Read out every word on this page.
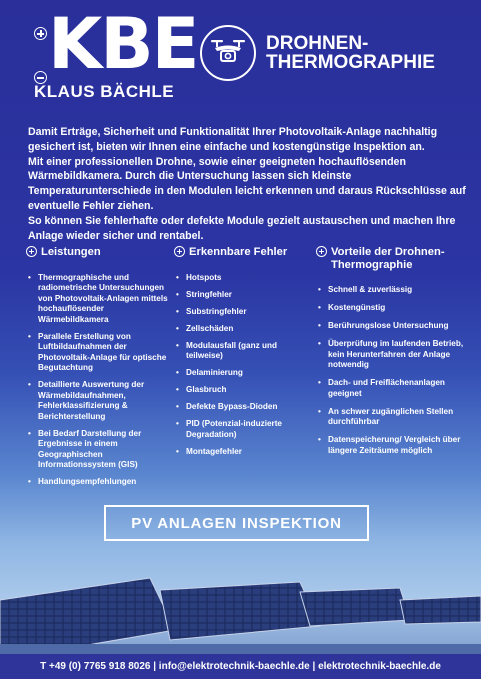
KBE
KLAUS BÄCHLE
DROHNEN-
THERMOGRAPHIE

Damit Erträge, Sicherheit und Funktionalität Ihrer Photovoltaik-Anlage nachhaltig gesichert ist, bieten wir Ihnen eine einfache und kostengünstige Inspektion an.

Mit einer professionellen Drohne, sowie einer geeigneten hochauflösenden Wärmebildkamera. Durch die Untersuchung lassen sich kleinste Temperaturunterschiede in den Modulen leicht erkennen und daraus Rückschlüsse auf eventuelle Fehler ziehen.

So können Sie fehlerhafte oder defekte Module gezielt austauschen und machen Ihre Anlage wieder sicher und rentabel.

Leistungen
• Thermographische und radiometrische Untersuchungen von Photovoltaik-Anlagen mittels hochauflösender Wärmebildkamera
• Parallele Erstellung von Luftbildaufnahmen der Photovoltaik-Anlage für optische Begutachtung
• Detaillierte Auswertung der Wärmebildaufnahmen, Fehlerklassifizierung & Berichterstellung
• Bei Bedarf Darstellung der Ergebnisse in einem Geographischen Informationssystem (GIS)
• Handlungsempfehlungen
Erkennbare Fehler
• Hotspots
• Stringfehler
• Substringfehler
• Zellschäden
• Modulausfall (ganz und teilweise)
• Delaminierung
• Glasbruch
• Defekte Bypass-Dioden
• PID (Potenzial-induzierte Degradation)
• Montagefehler
Vorteile der Drohnen-Thermographie
• Schnell & zuverlässig
• Kostengünstig
• Berührungslose Untersuchung
• Überprüfung im laufenden Betrieb, kein Herunterfahren der Anlage notwendig
• Dach- und Freiflächenanlagen geeignet
• An schwer zugänglichen Stellen durchführbar
• Datenspeicherung/ Vergleich über längere Zeiträume möglich
PV ANLAGEN INSPEKTION
T +49 (0) 7765 918 8026 | info@elektrotechnik-baechle.de | elektrotechnik-baechle.de
